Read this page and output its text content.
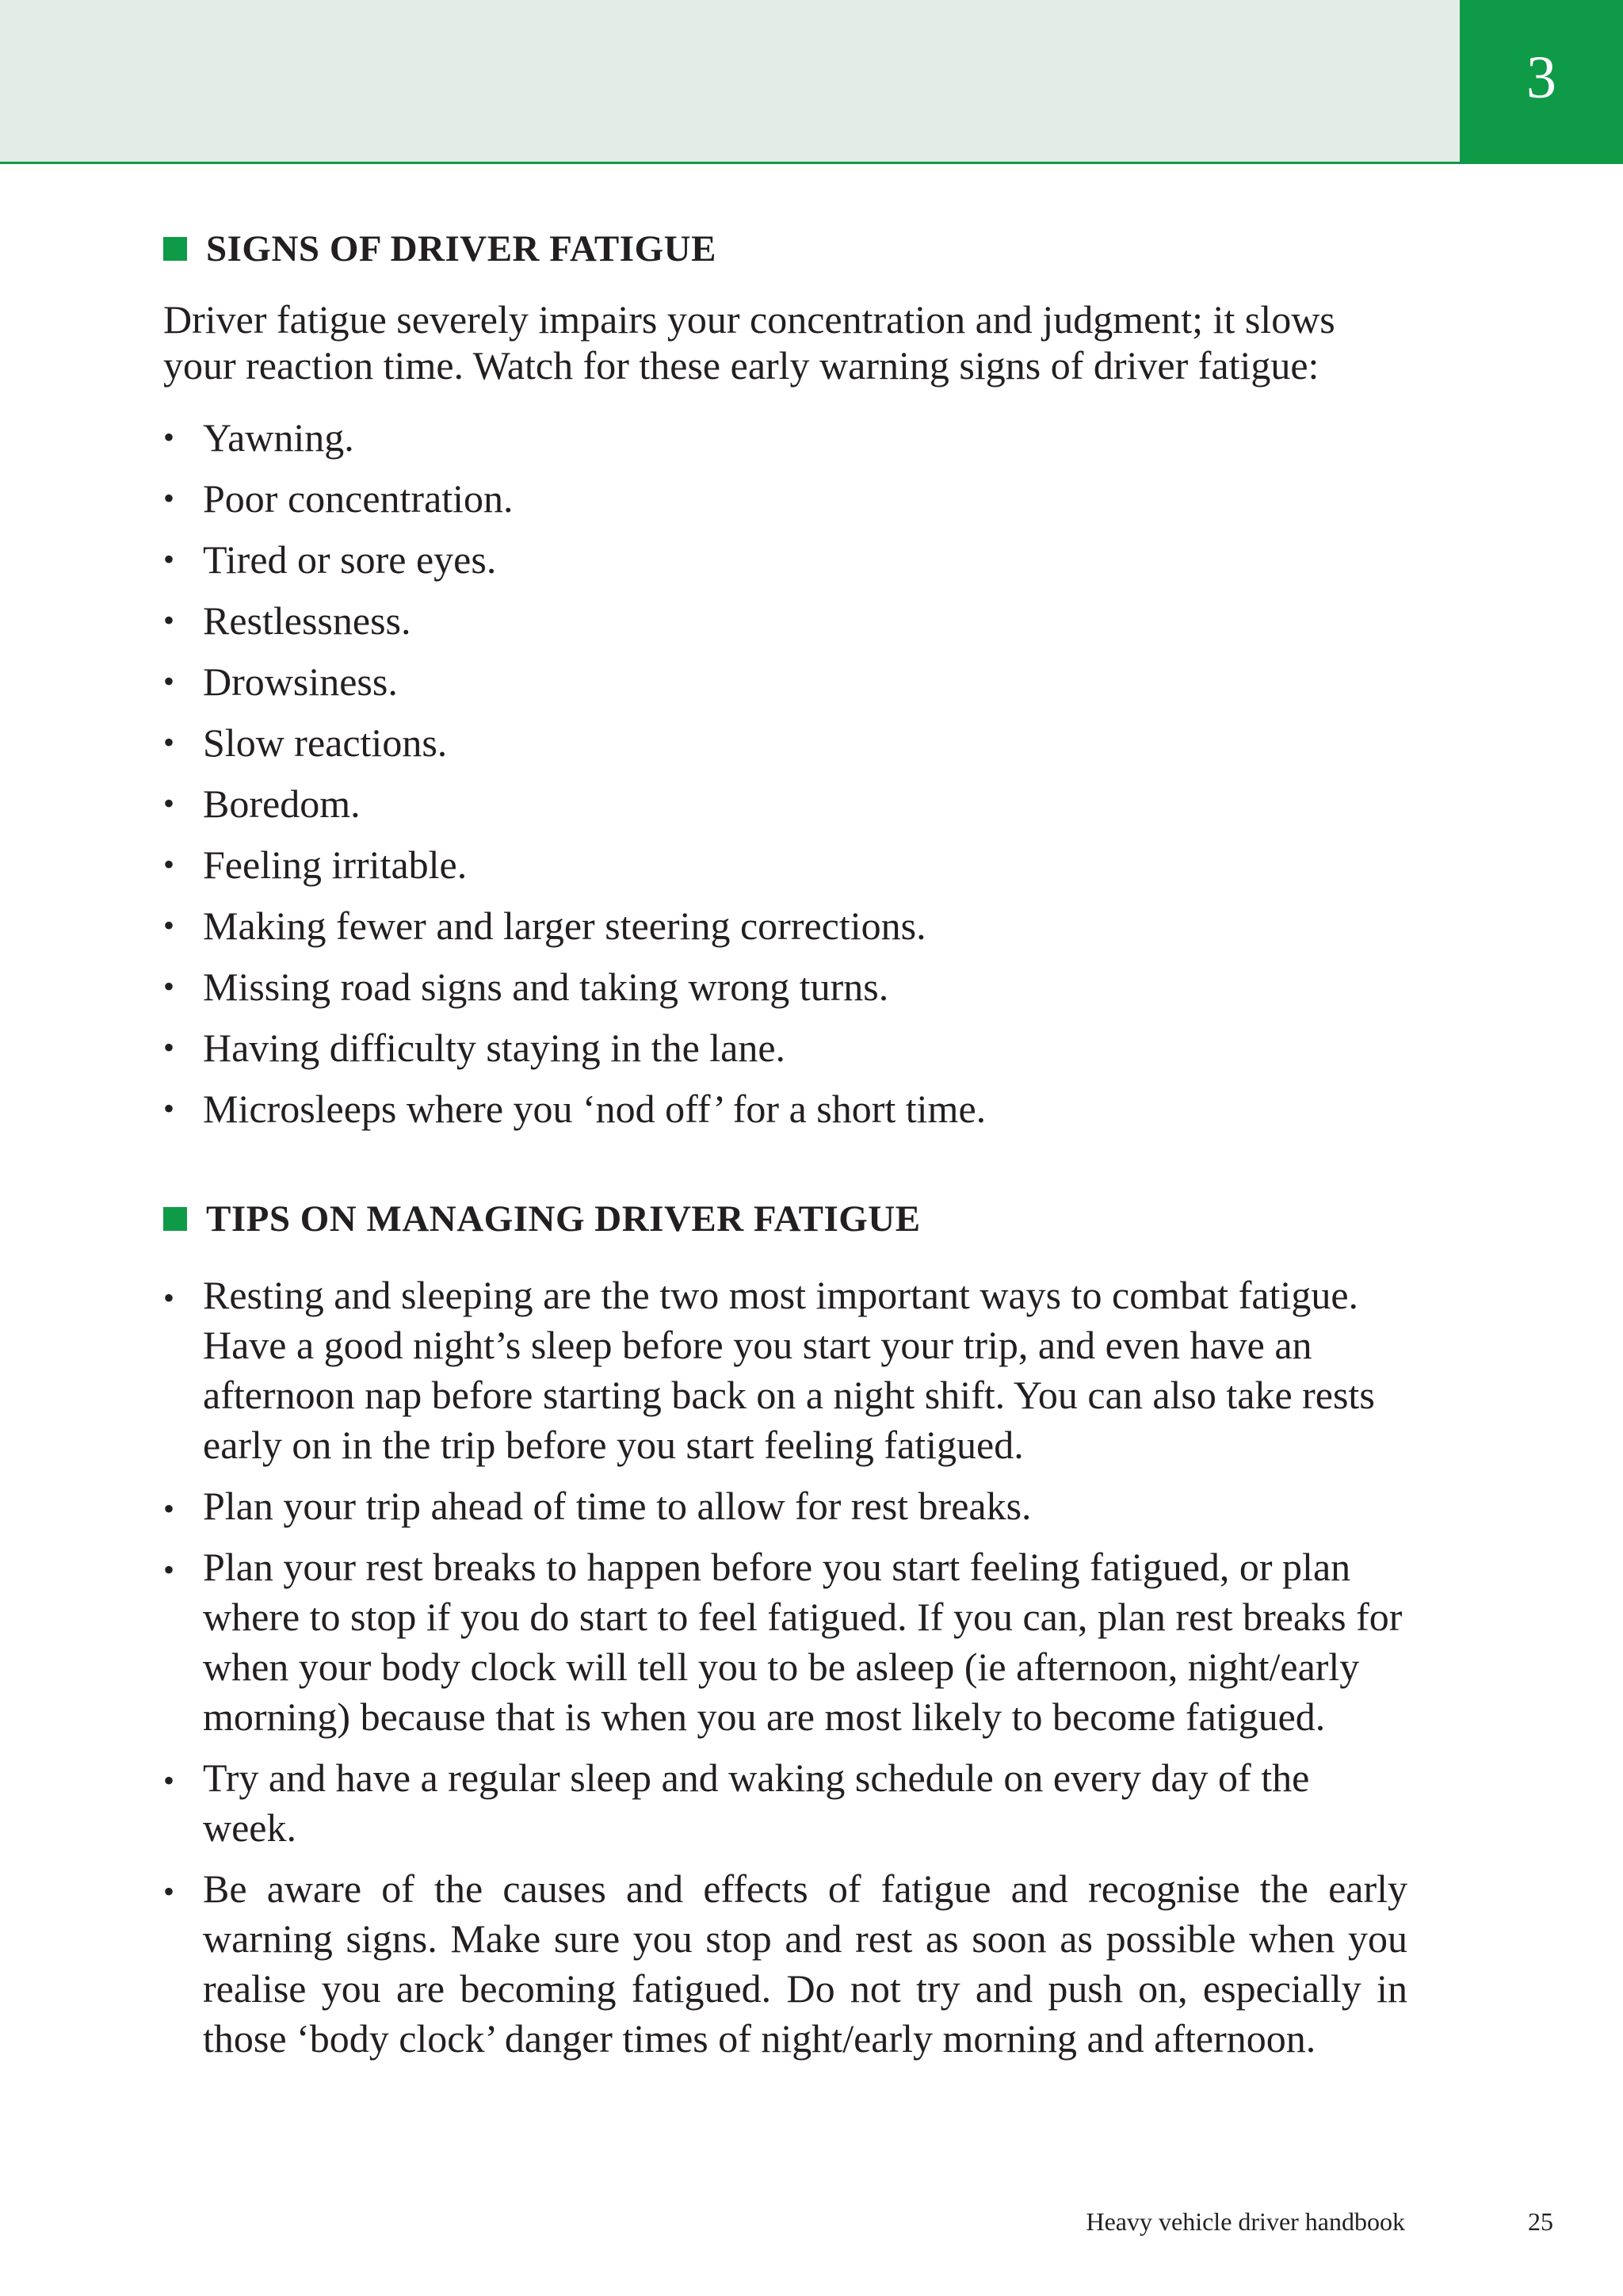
3
SIGNS OF DRIVER FATIGUE

Driver fatigue severely impairs your concentration and judgment; it slows your reaction time. Watch for these early warning signs of driver fatigue:

• Yawning.
• Poor concentration.
• Tired or sore eyes.
• Restlessness.
• Drowsiness.
• Slow reactions.
• Boredom.
• Feeling irritable.
• Making fewer and larger steering corrections.
• Missing road signs and taking wrong turns.
• Having difficulty staying in the lane.
• Microsleeps where you ‘nod off’ for a short time.
TIPS ON MANAGING DRIVER FATIGUE
• Resting and sleeping are the two most important ways to combat fatigue. Have a good night’s sleep before you start your trip, and even have an afternoon nap before starting back on a night shift. You can also take rests early on in the trip before you start feeling fatigued.
• Plan your trip ahead of time to allow for rest breaks.
• Plan your rest breaks to happen before you start feeling fatigued, or plan where to stop if you do start to feel fatigued. If you can, plan rest breaks for when your body clock will tell you to be asleep (ie afternoon, night/early morning) because that is when you are most likely to become fatigued.
• Try and have a regular sleep and waking schedule on every day of the week.
• Be aware of the causes and effects of fatigue and recognise the early warning signs. Make sure you stop and rest as soon as possible when you realise you are becoming fatigued. Do not try and push on, especially in those ‘body clock’ danger times of night/early morning and afternoon.
Heavy vehicle driver handbook	25
